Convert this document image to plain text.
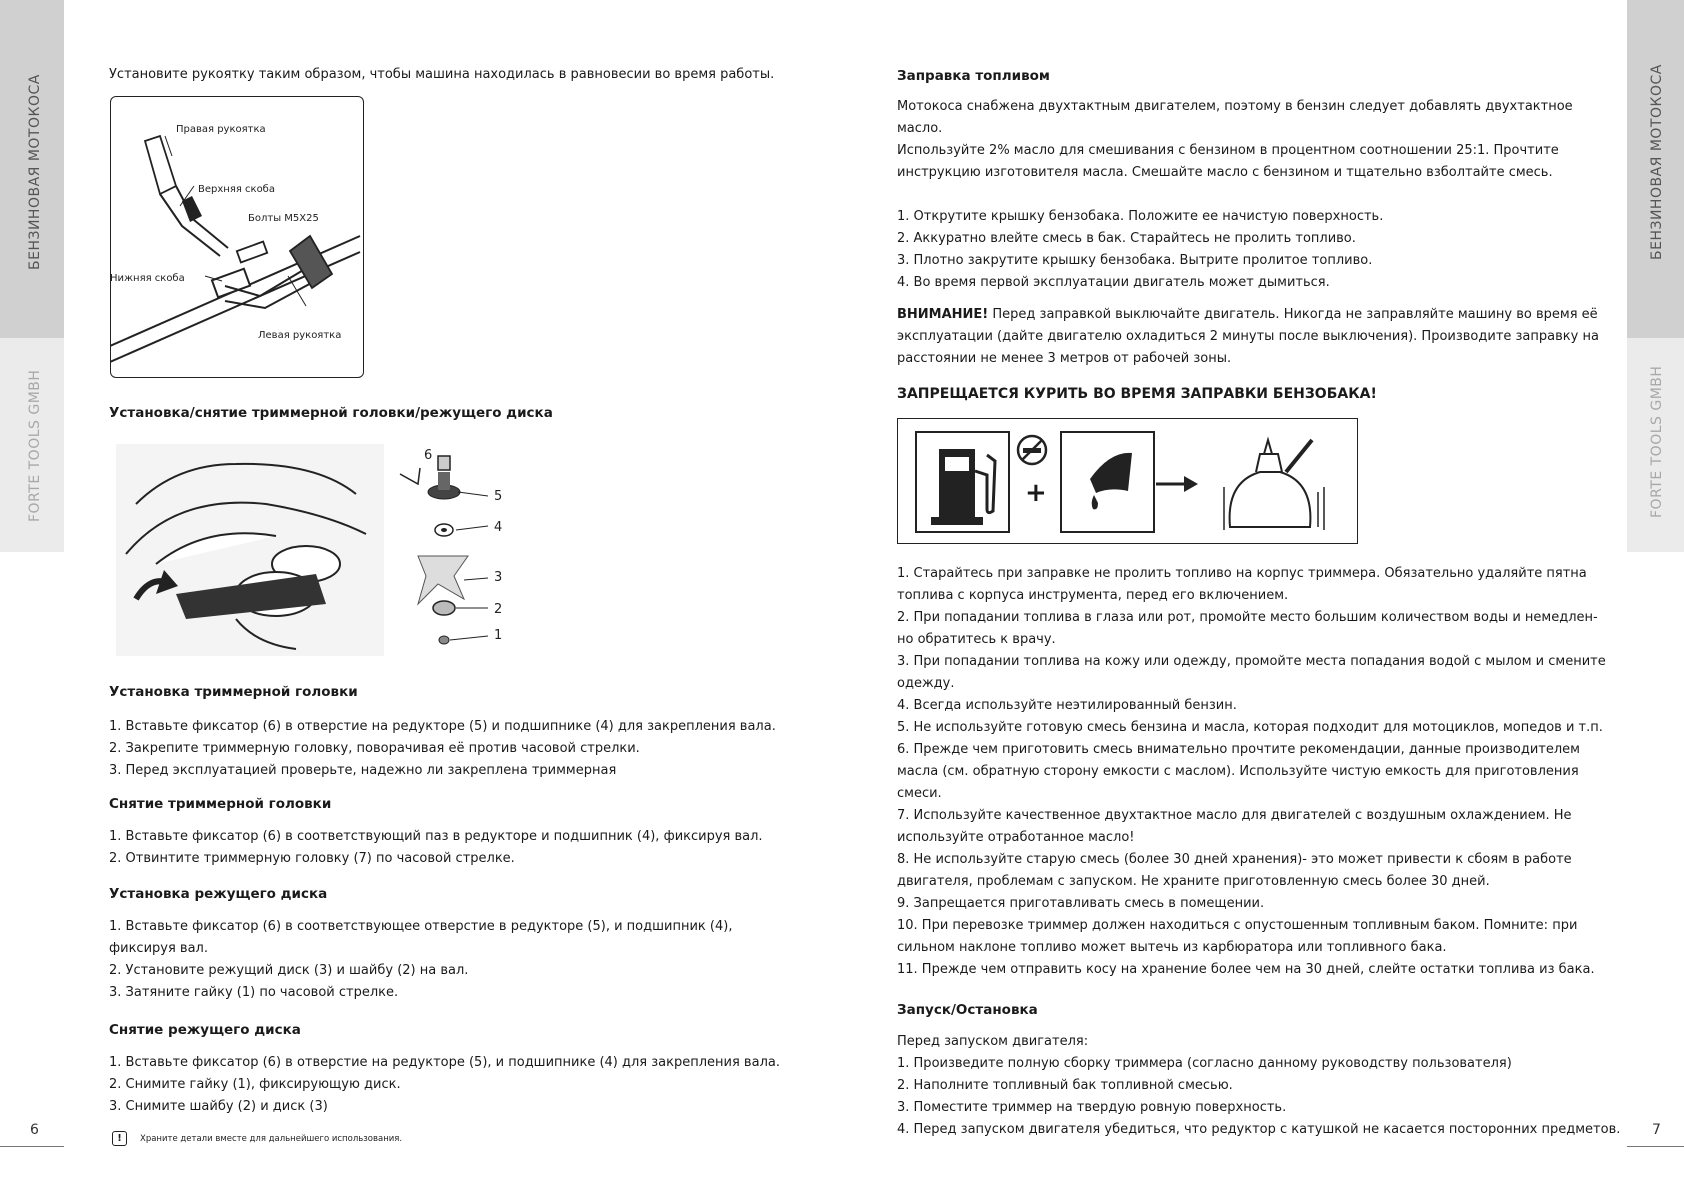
БЕНЗИНОВАЯ МОТОКОСА
FORTE TOOLS GMBH
БЕНЗИНОВАЯ МОТОКОСА
FORTE TOOLS GMBH
6	7
Установите рукоятку таким образом, чтобы машина находилась в равновесии во время работы.
Правая рукоятка
Верхняя скоба
Болты М5Х25
Нижняя скоба
Левая рукоятка
Установка/снятие триммерной головки/режущего диска
6
5
4
3
2
1
Установка триммерной головки
1. Вставьте фиксатор (6) в отверстие на редукторе (5) и подшипнике (4) для закрепления вала.
2. Закрепите триммерную головку, поворачивая её против часовой стрелки.
3. Перед эксплуатацией проверьте, надежно ли закреплена триммерная
Снятие триммерной головки
1. Вставьте фиксатор (6) в соответствующий паз в редукторе и подшипник (4), фиксируя вал.
2. Отвинтите триммерную головку (7) по часовой стрелке.
Установка режущего диска
1. Вставьте фиксатор (6) в соответствующее отверстие в редукторе (5), и подшипник (4),
фиксируя вал.
2. Установите режущий диск (3) и шайбу (2) на вал.
3. Затяните гайку (1) по часовой стрелке.
Снятие режущего диска
1. Вставьте фиксатор (6) в отверстие на редукторе (5), и подшипнике (4) для закрепления вала.
2. Снимите гайку (1), фиксирующую диск.
3. Снимите шайбу (2) и диск (3)
!	Храните детали вместе для дальнейшего использования.
Заправка топливом
Мотокоса снабжена двухтактным двигателем, поэтому в бензин следует добавлять двухтактное
масло.
Используйте 2% масло для смешивания с бензином в процентном соотношении 25:1. Прочтите
инструкцию изготовителя масла. Смешайте масло с бензином и тщательно взболтайте смесь.
1. Открутите крышку бензобака. Положите ее начистую поверхность.
2. Аккуратно влейте смесь в бак. Старайтесь не пролить топливо.
3. Плотно закрутите крышку бензобака. Вытрите пролитое топливо.
4. Во время первой эксплуатации двигатель может дымиться.
ВНИМАНИЕ! Перед заправкой выключайте двигатель. Никогда не заправляйте машину во время её
эксплуатации (дайте двигателю охладиться 2 минуты после выключения). Производите заправку на
расстоянии не менее 3 метров от рабочей зоны.
ЗАПРЕЩАЕТСЯ КУРИТЬ ВО ВРЕМЯ ЗАПРАВКИ БЕНЗОБАКА!
+
1. Старайтесь при заправке не пролить топливо на корпус триммера. Обязательно удаляйте пятна
топлива с корпуса инструмента, перед его включением.
2. При попадании топлива в глаза или рот, промойте место большим количеством воды и немедлен-
но обратитесь к врачу.
3. При попадании топлива на кожу или одежду, промойте места попадания водой с мылом и смените
одежду.
4. Всегда используйте неэтилированный бензин.
5. Не используйте готовую смесь бензина и масла, которая подходит для мотоциклов, мопедов и т.п.
6. Прежде чем приготовить смесь внимательно прочтите рекомендации, данные производителем
масла (см. обратную сторону емкости с маслом). Используйте чистую емкость для приготовления
смеси.
7. Используйте качественное двухтактное масло для двигателей с воздушным охлаждением. Не
используйте отработанное масло!
8. Не используйте старую смесь (более 30 дней хранения)- это может привести к сбоям в работе
двигателя, проблемам с запуском. Не храните приготовленную смесь более 30 дней.
9. Запрещается приготавливать смесь в помещении.
10. При перевозке триммер должен находиться с опустошенным топливным баком. Помните: при
сильном наклоне топливо может вытечь из карбюратора или топливного бака.
11. Прежде чем отправить косу на хранение более чем на 30 дней, слейте остатки топлива из бака.
Запуск/Остановка
Перед запуском двигателя:
1. Произведите полную сборку триммера (согласно данному руководству пользователя)
2. Наполните топливный бак топливной смесью.
3. Поместите триммер на твердую ровную поверхность.
4. Перед запуском двигателя убедиться, что редуктор с катушкой не касается посторонних предметов.
